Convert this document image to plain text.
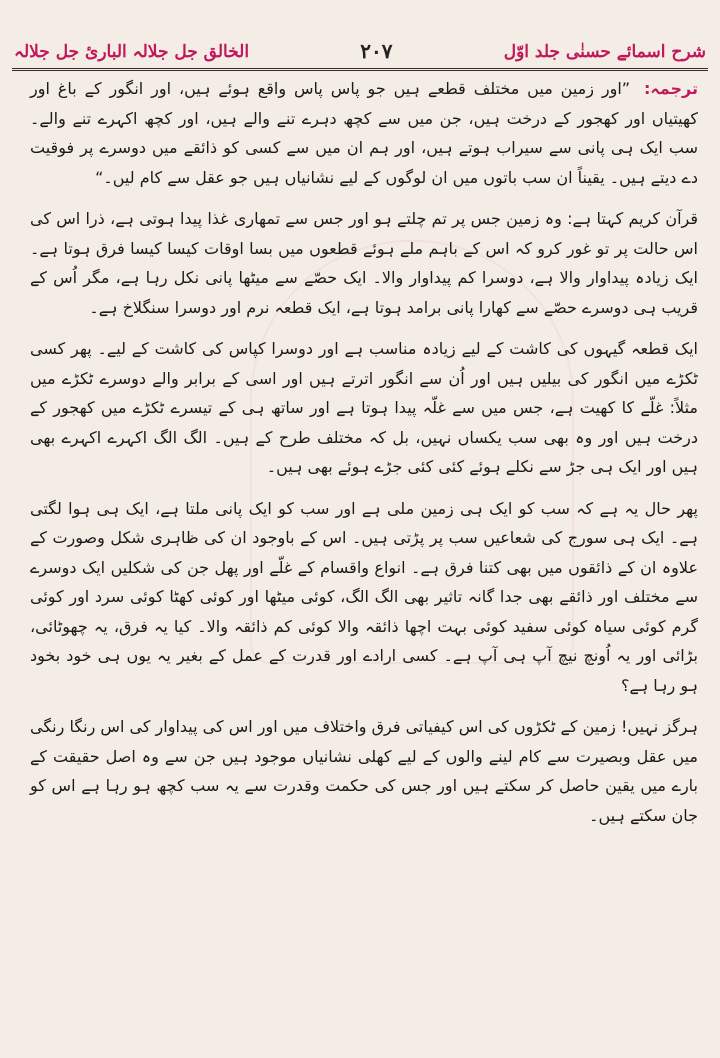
الخالق جل جلالہ البارئ جل جلالہ	۲۰۷	شرح اسمائے حسنٰی جلد اوّل

ترجمہ: ”اور زمین میں مختلف قطعے ہیں جو پاس پاس واقع ہوئے ہیں، اور انگور کے باغ اور کھیتیاں اور کھجور کے درخت ہیں، جن میں سے کچھ دہرے تنے والے ہیں، اور کچھ اکہرے تنے والے۔ سب ایک ہی پانی سے سیراب ہوتے ہیں، اور ہم ان میں سے کسی کو ذائقے میں دوسرے پر فوقیت دے دیتے ہیں۔ یقیناً ان سب باتوں میں ان لوگوں کے لیے نشانیاں ہیں جو عقل سے کام لیں۔“

قرآن کریم کہتا ہے: وہ زمین جس پر تم چلتے ہو اور جس سے تمھاری غذا پیدا ہوتی ہے، ذرا اس کی اس حالت پر تو غور کرو کہ اس کے باہم ملے ہوئے قطعوں میں بسا اوقات کیسا کیسا فرق ہوتا ہے۔ ایک زیادہ پیداوار والا ہے، دوسرا کم پیداوار والا۔ ایک حصّے سے میٹھا پانی نکل رہا ہے، مگر اُس کے قریب ہی دوسرے حصّے سے کھارا پانی برامد ہوتا ہے، ایک قطعہ نرم اور دوسرا سنگلاخ ہے۔

ایک قطعہ گیہوں کی کاشت کے لیے زیادہ مناسب ہے اور دوسرا کپاس کی کاشت کے لیے۔ پھر کسی ٹکڑے میں انگور کی بیلیں ہیں اور اُن سے انگور اترتے ہیں اور اسی کے برابر والے دوسرے ٹکڑے میں مثلاً: غلّے کا کھیت ہے، جس میں سے غلّہ پیدا ہوتا ہے اور ساتھ ہی کے تیسرے ٹکڑے میں کھجور کے درخت ہیں اور وہ بھی سب یکساں نہیں، بل کہ مختلف طرح کے ہیں۔ الگ الگ اکہرے اکہرے بھی ہیں اور ایک ہی جڑ سے نکلے ہوئے کئی کئی جڑے ہوئے بھی ہیں۔

پھر حال یہ ہے کہ سب کو ایک ہی زمین ملی ہے اور سب کو ایک پانی ملتا ہے، ایک ہی ہوا لگتی ہے۔ ایک ہی سورج کی شعاعیں سب پر پڑتی ہیں۔ اس کے باوجود ان کی ظاہری شکل وصورت کے علاوہ ان کے ذائقوں میں بھی کتنا فرق ہے۔ انواع واقسام کے غلّے اور پھل جن کی شکلیں ایک دوسرے سے مختلف اور ذائقے بھی جدا گانہ تاثیر بھی الگ الگ، کوئی میٹھا اور کوئی کھٹا کوئی سرد اور کوئی گرم کوئی سیاہ کوئی سفید کوئی بہت اچھا ذائقہ والا کوئی کم ذائقہ والا۔ کیا یہ فرق، یہ چھوٹائی، بڑائی اور یہ اُونچ نیچ آپ ہی آپ ہے۔ کسی ارادے اور قدرت کے عمل کے بغیر یہ یوں ہی خود بخود ہو رہا ہے؟

ہرگز نہیں! زمین کے ٹکڑوں کی اس کیفیاتی فرق واختلاف میں اور اس کی پیداوار کی اس رنگا رنگی میں عقل وبصیرت سے کام لینے والوں کے لیے کھلی نشانیاں موجود ہیں جن سے وہ اصل حقیقت کے بارے میں یقین حاصل کر سکتے ہیں اور جس کی حکمت وقدرت سے یہ سب کچھ ہو رہا ہے اس کو جان سکتے ہیں۔
